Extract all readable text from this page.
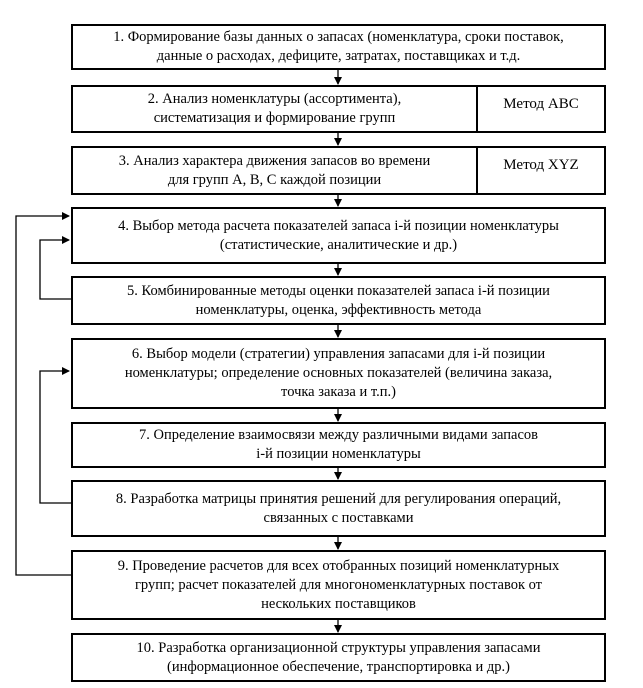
1. Формирование базы данных о запасах (номенклатура, сроки поставок,
данные о расходах, дефиците, затратах, поставщиках и т.д.
2. Анализ номенклатуры (ассортимента),
систематизация и формирование групп
Метод АВС
3. Анализ характера движения запасов во времени
для групп А, В, С каждой позиции
Метод XYZ
4. Выбор метода расчета показателей запаса i-й позиции номенклатуры
(статистические, аналитические и др.)
5. Комбинированные методы оценки показателей запаса i-й позиции
номенклатуры, оценка, эффективность метода
6. Выбор модели (стратегии) управления запасами для i-й позиции
номенклатуры; определение основных показателей (величина заказа,
точка заказа и т.п.)
7. Определение взаимосвязи между различными видами запасов
i-й позиции номенклатуры
8. Разработка матрицы принятия решений для регулирования операций,
связанных с поставками
9. Проведение расчетов для всех отобранных позиций номенклатурных
групп; расчет показателей для многономенклатурных поставок от
нескольких поставщиков
10. Разработка организационной структуры управления запасами
(информационное обеспечение, транспортировка и др.)
